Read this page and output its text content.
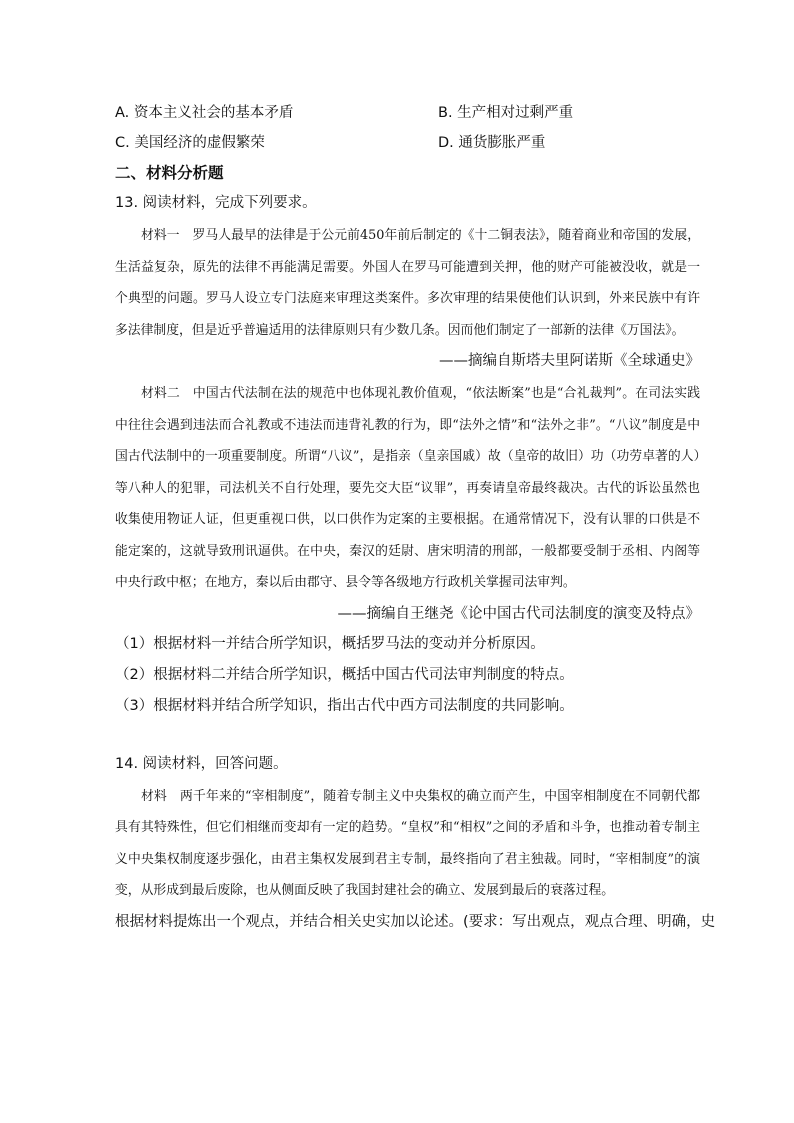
A. 资本主义社会的基本矛盾	B. 生产相对过剩严重
C. 美国经济的虚假繁荣	D. 通货膨胀严重
二、材料分析题
13. 阅读材料，完成下列要求。
材料一　罗马人最早的法律是于公元前450年前后制定的《十二铜表法》，随着商业和帝国的发展，生活益复杂，原先的法律不再能满足需要。外国人在罗马可能遭到关押，他的财产可能被没收，就是一个典型的问题。罗马人设立专门法庭来审理这类案件。多次审理的结果使他们认识到，外来民族中有许多法律制度，但是近乎普遍适用的法律原则只有少数几条。因而他们制定了一部新的法律《万国法》。
——摘编自斯塔夫里阿诺斯《全球通史》
材料二　中国古代法制在法的规范中也体现礼教价值观，“依法断案”也是“合礼裁判”。在司法实践中往往会遇到违法而合礼教或不违法而违背礼教的行为，即“法外之情”和“法外之非”。“八议”制度是中国古代法制中的一项重要制度。所谓“八议”，是指亲（皇亲国戚）故（皇帝的故旧）功（功劳卓著的人）等八种人的犯罪，司法机关不自行处理，要先交大臣“议罪”，再奏请皇帝最终裁决。古代的诉讼虽然也收集使用物证人证，但更重视口供，以口供作为定案的主要根据。在通常情况下，没有认罪的口供是不能定案的，这就导致刑讯逼供。在中央，秦汉的廷尉、唐宋明清的刑部，一般都要受制于丞相、内阁等中央行政中枢；在地方，秦以后由郡守、县令等各级地方行政机关掌握司法审判。
——摘编自王继尧《论中国古代司法制度的演变及特点》
（1）根据材料一并结合所学知识，概括罗马法的变动并分析原因。
（2）根据材料二并结合所学知识，概括中国古代司法审判制度的特点。
（3）根据材料并结合所学知识，指出古代中西方司法制度的共同影响。
14. 阅读材料，回答问题。
材料　两千年来的“宰相制度”，随着专制主义中央集权的确立而产生，中国宰相制度在不同朝代都具有其特殊性，但它们相继而变却有一定的趋势。“皇权”和“相权”之间的矛盾和斗争，也推动着专制主义中央集权制度逐步强化，由君主集权发展到君主专制，最终指向了君主独裁。同时，“宰相制度”的演变，从形成到最后废除，也从侧面反映了我国封建社会的确立、发展到最后的衰落过程。
根据材料提炼出一个观点，并结合相关史实加以论述。(要求：写出观点，观点合理、明确，史
